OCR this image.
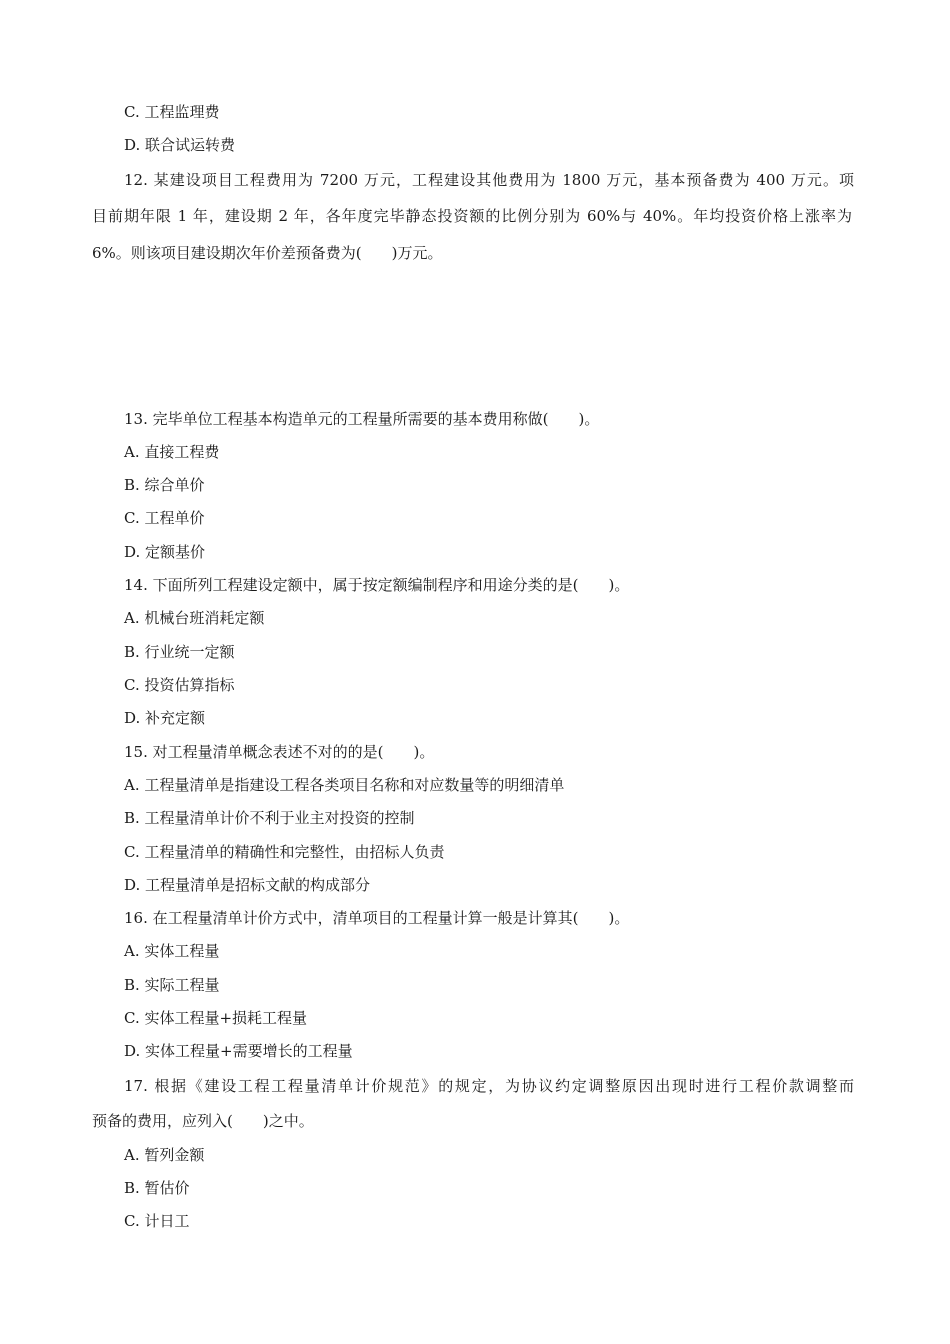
C. 工程监理费

D. 联合试运转费

12. 某建设项目工程费用为 7200 万元，工程建设其他费用为 1800 万元，基本预备费为 400 万元。项

目前期年限 1 年，建设期 2 年，各年度完毕静态投资额的比例分别为 60%与 40%。年均投资价格上涨率为

6%。则该项目建设期次年价差预备费为(　　)万元。

13. 完毕单位工程基本构造单元的工程量所需要的基本费用称做(　　)。

A. 直接工程费

B. 综合单价

C. 工程单价

D. 定额基价

14. 下面所列工程建设定额中，属于按定额编制程序和用途分类的是(　　)。

A. 机械台班消耗定额

B. 行业统一定额

C. 投资估算指标

D. 补充定额

15. 对工程量清单概念表述不对的的是(　　)。

A. 工程量清单是指建设工程各类项目名称和对应数量等的明细清单

B. 工程量清单计价不利于业主对投资的控制

C. 工程量清单的精确性和完整性，由招标人负责

D. 工程量清单是招标文献的构成部分

16. 在工程量清单计价方式中，清单项目的工程量计算一般是计算其(　　)。

A. 实体工程量

B. 实际工程量

C. 实体工程量+损耗工程量

D. 实体工程量+需要增长的工程量

17. 根据《建设工程工程量清单计价规范》的规定，为协议约定调整原因出现时进行工程价款调整而

预备的费用，应列入(　　)之中。

A. 暂列金额

B. 暂估价

C. 计日工
